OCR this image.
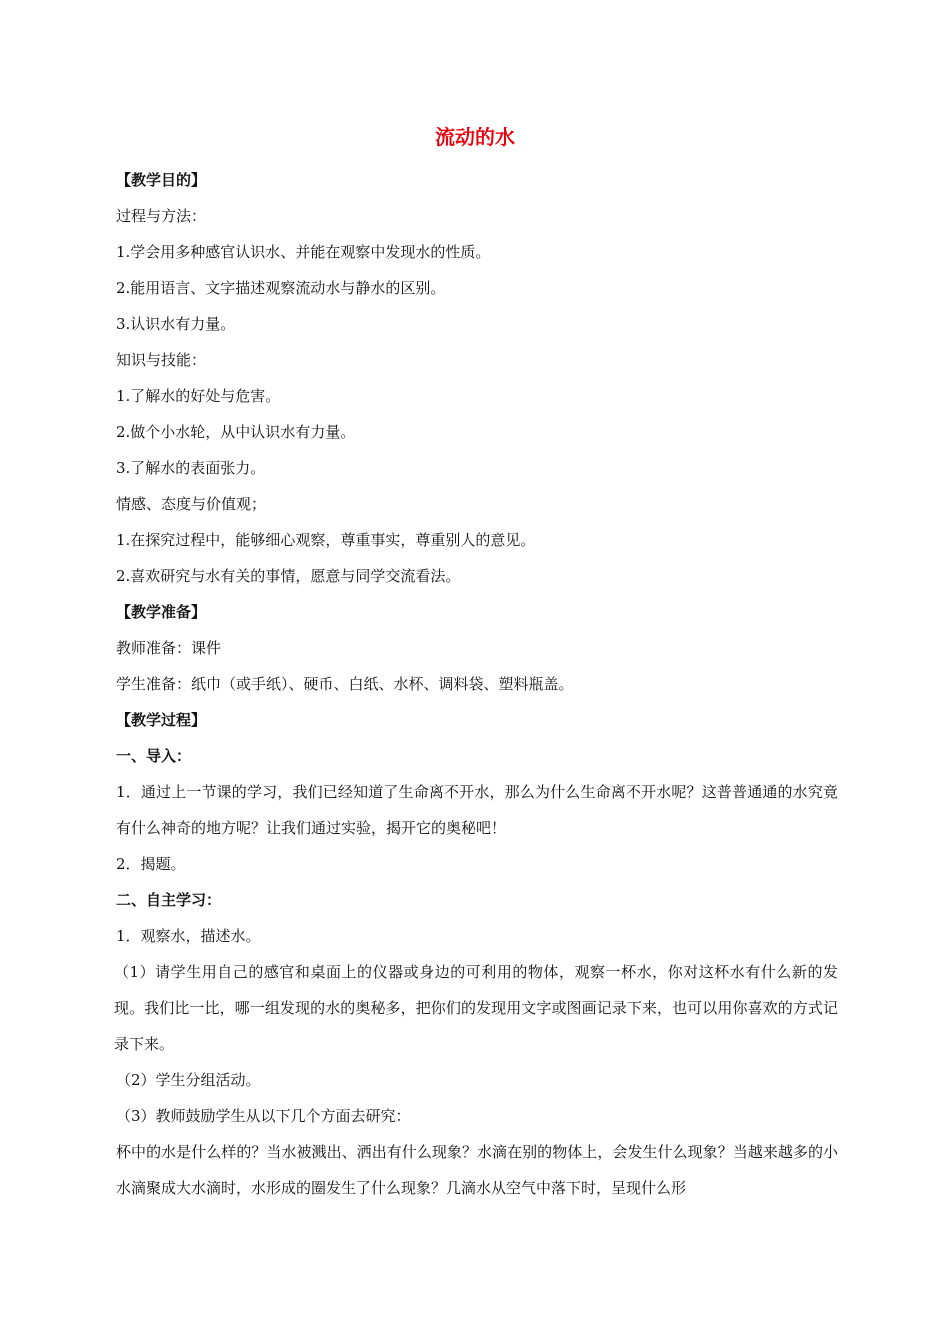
流动的水
【教学目的】
过程与方法：
1.学会用多种感官认识水、并能在观察中发现水的性质。
2.能用语言、文字描述观察流动水与静水的区别。
3.认识水有力量。
知识与技能：
1.了解水的好处与危害。
2.做个小水轮，从中认识水有力量。
3.了解水的表面张力。
情感、态度与价值观；
1.在探究过程中，能够细心观察，尊重事实，尊重别人的意见。
2.喜欢研究与水有关的事情，愿意与同学交流看法。
【教学准备】
教师准备：课件
学生准备：纸巾（或手纸）、硬币、白纸、水杯、调料袋、塑料瓶盖。
【教学过程】
一、导入：
1．通过上一节课的学习，我们已经知道了生命离不开水，那么为什么生命离不开水呢？这普普通通的水究竟有什么神奇的地方呢？让我们通过实验，揭开它的奥秘吧！
2．揭题。
二、自主学习：
1．观察水，描述水。
（1）请学生用自己的感官和桌面上的仪器或身边的可利用的物体，观察一杯水，你对这杯水有什么新的发现。我们比一比，哪一组发现的水的奥秘多，把你们的发现用文字或图画记录下来，也可以用你喜欢的方式记录下来。
（2）学生分组活动。
（3）教师鼓励学生从以下几个方面去研究：
杯中的水是什么样的？当水被溅出、洒出有什么现象？水滴在别的物体上，会发生什么现象？当越来越多的小水滴聚成大水滴时，水形成的圈发生了什么现象？几滴水从空气中落下时，呈现什么形
